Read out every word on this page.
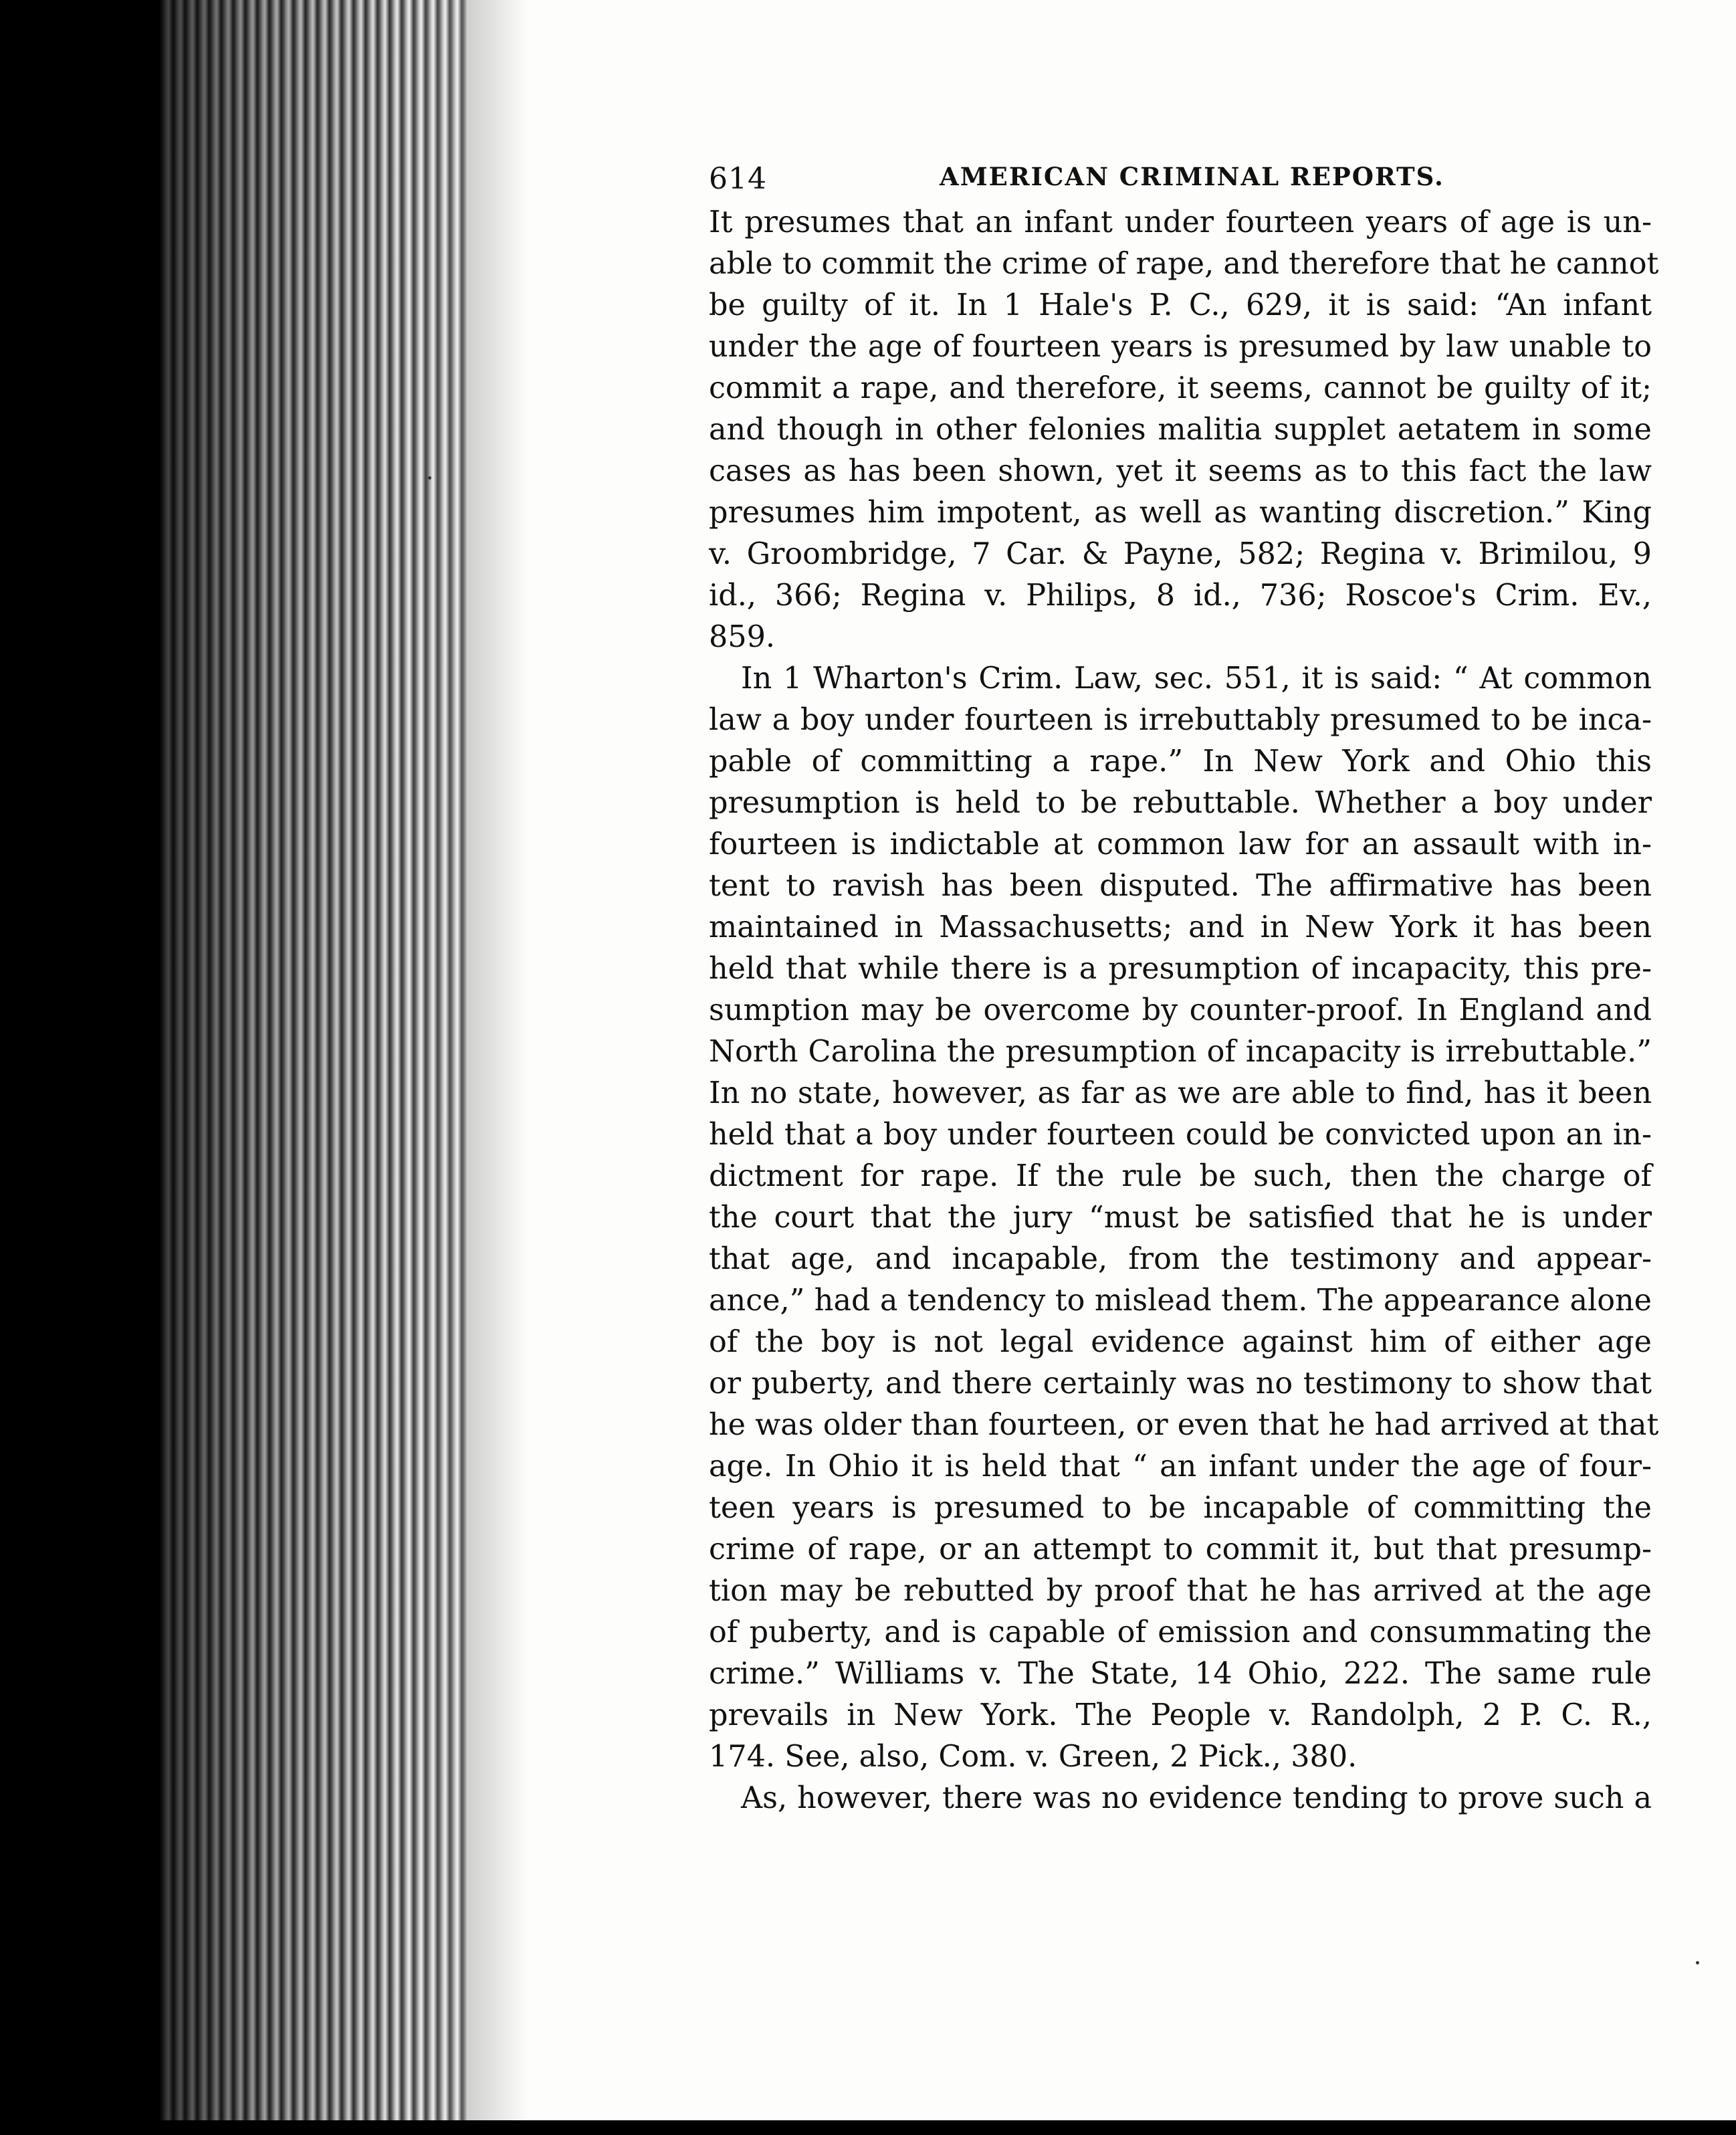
614	AMERICAN CRIMINAL REPORTS.

It presumes that an infant under fourteen years of age is un-
able to commit the crime of rape, and therefore that he cannot
be guilty of it. In 1 Hale's P. C., 629, it is said: “An infant
under the age of fourteen years is presumed by law unable to
commit a rape, and therefore, it seems, cannot be guilty of it;
and though in other felonies malitia supplet aetatem in some
cases as has been shown, yet it seems as to this fact the law
presumes him impotent, as well as wanting discretion.” King
v. Groombridge, 7 Car. & Payne, 582; Regina v. Brimilou, 9
id., 366; Regina v. Philips, 8 id., 736; Roscoe's Crim. Ev.,
859.

In 1 Wharton's Crim. Law, sec. 551, it is said: “ At common
law a boy under fourteen is irrebuttably presumed to be inca-
pable of committing a rape.” In New York and Ohio this
presumption is held to be rebuttable. Whether a boy under
fourteen is indictable at common law for an assault with in-
tent to ravish has been disputed. The affirmative has been
maintained in Massachusetts; and in New York it has been
held that while there is a presumption of incapacity, this pre-
sumption may be overcome by counter-proof. In England and
North Carolina the presumption of incapacity is irrebuttable.”
In no state, however, as far as we are able to find, has it been
held that a boy under fourteen could be convicted upon an in-
dictment for rape. If the rule be such, then the charge of
the court that the jury “must be satisfied that he is under
that age, and incapable, from the testimony and appear-
ance,” had a tendency to mislead them. The appearance alone
of the boy is not legal evidence against him of either age
or puberty, and there certainly was no testimony to show that
he was older than fourteen, or even that he had arrived at that
age. In Ohio it is held that “ an infant under the age of four-
teen years is presumed to be incapable of committing the
crime of rape, or an attempt to commit it, but that presump-
tion may be rebutted by proof that he has arrived at the age
of puberty, and is capable of emission and consummating the
crime.” Williams v. The State, 14 Ohio, 222. The same rule
prevails in New York. The People v. Randolph, 2 P. C. R.,
174. See, also, Com. v. Green, 2 Pick., 380.

As, however, there was no evidence tending to prove such a
